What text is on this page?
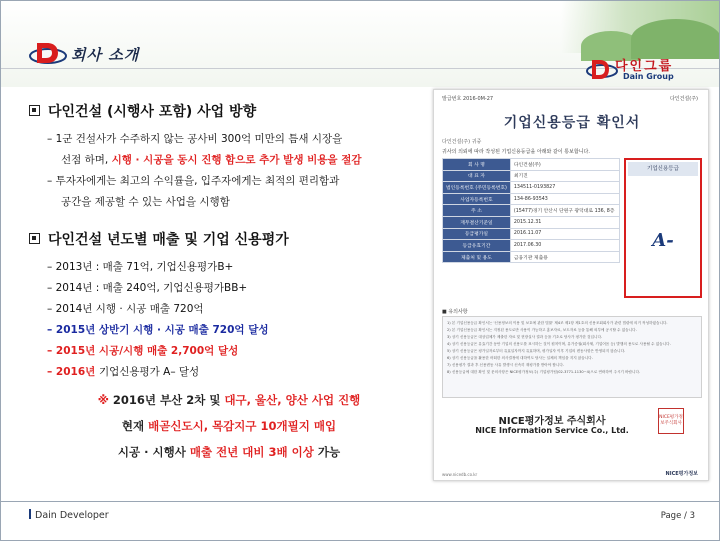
회사 소개
다인그룹
Dain Group
다인건설 (시행사 포함) 사업 방향
– 1군 건설사가 수주하지 않는 공사비 300억 미만의 틈새 시장을
선점 하며, 시행 · 시공을 동시 진행 함으로 추가 발생 비용을 절감
– 투자자에게는 최고의 수익률을, 입주자에게는 최적의 편리함과
공간을 제공할 수 있는 사업을 시행함
다인건설 년도별 매출 및 기업 신용평가
– 2013년 : 매출 71억, 기업신용평가B+
– 2014년 : 매출 240억, 기업신용평가BB+
– 2014년 시행 · 시공 매출 720억
– 2015년 상반기 시행 · 시공 매출 720억 달성
– 2015년 시공/시행 매출 2,700억 달성
– 2016년 기업신용평가 A– 달성
※ 2016년 부산 2차 및 대구, 울산, 양산 사업 진행
현재 배곧신도시, 목감지구 10개필지 매입
시공 · 시행사 매출 전년 대비 3배 이상 가능
발급번호 2016-0M-27	다인건설(주)
기업신용등급 확인서
다인건설(주) 귀중
귀사의 의뢰에 따라 작성된 기업신용등급을 아래와 같이 통보합니다.
회 사 명	다인건설(주)
대 표 자	최기진
법인등록번호 (주민등록번호)	134511-0193827
사업자등록번호	134-86-93543
주 소	(15477)경기 안산시 단원구 광덕대로 136, 8층
재무결산기준일	2015.12.31
등급평가일	2016.11.07
등급유효기간	2017.06.30
제출처 및 용도	금융기관 제출용
기업신용등급
A-
■ 유의사항
1) 본 기업신용등급 확인서는 '신용정보의 이용 및 보호에 관한 법률' 제4조 제1항 제1호의 신용조회회사가 관련 법령에 의거 작성하였습니다.
2) 본 기업신용등급 확인서는 지정된 용도로만 사용이 가능하고 홍보자료, 보도자료 등을 통해 외부에 공시할 수 없습니다.
3) 상기 신용등급은 대상업체가 제출한 자료 및 현장실사 결과 등을 기초로 당사가 평가한 것입니다.
4) 상기 신용등급은 유효기간 동안 기업의 신용도를 표시하는 것이 원칙이며, 유가증권(회사채, 기업어음 등) 발행의 용도로 사용될 수 없습니다.
5) 상기 신용등급은 평가일자로부터 유효일자까지 유효하며, 평가일자 이후 기업의 변동사항은 반영되지 않습니다.
6) 상기 신용등급을 활용한 어떠한 의사결정에 대하여도 당사는 일체의 책임을 지지 않습니다.
7) 신용평가 결과 후 신용변동 사유 발생시 신속히 재평가를 받아야 합니다.
8) 신용등급에 대한 확인 및 문의사항은 NICE평가정보(주) 기업평가팀(02-3771-1130~4)으로 연락하여 주시기 바랍니다.
NICE평가정보 주식회사
NICE Information Service Co., Ltd.
NICE평가정보주식회사
www.nicedb.co.kr	NICE평가정보
Dain Developer	Page / 3
